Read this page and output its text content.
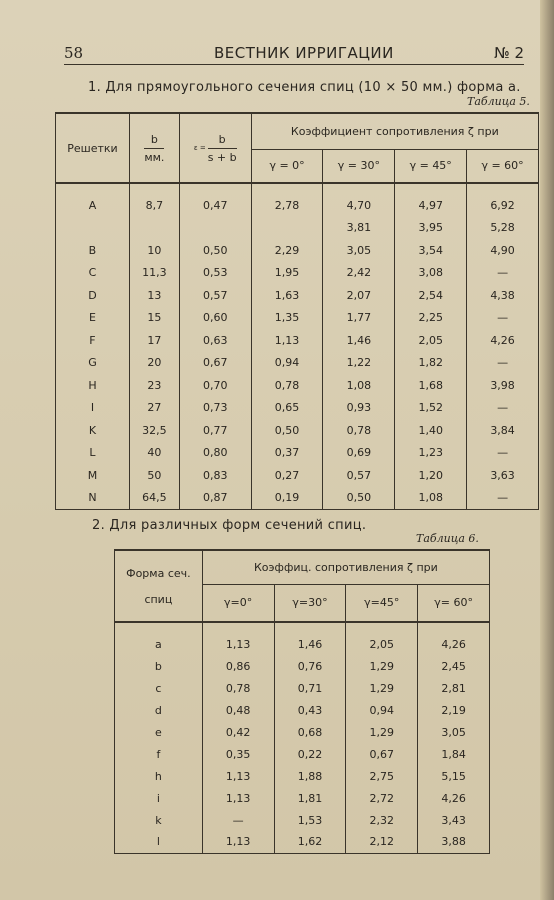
58	ВЕСТНИК ИРРИГАЦИИ	№ 2
1. Для прямоугольного сечения спиц (10 × 50 мм.) форма а.
Таблица 5.
Решетки	$\frac{b}{мм.}$	$\varepsilon = \frac{b}{s + b}$	Коэффициент сопротивления ζ при			
			γ = 0°	γ = 30°	γ = 45°	γ = 60°

A	8,7	0,47	2,78	4,70	4,97	6,92
				3,81	3,95	5,28
B	10	0,50	2,29	3,05	3,54	4,90
C	11,3	0,53	1,95	2,42	3,08	—
D	13	0,57	1,63	2,07	2,54	4,38
E	15	0,60	1,35	1,77	2,25	—
F	17	0,63	1,13	1,46	2,05	4,26
G	20	0,67	0,94	1,22	1,82	—
H	23	0,70	0,78	1,08	1,68	3,98
I	27	0,73	0,65	0,93	1,52	—
K	32,5	0,77	0,50	0,78	1,40	3,84
L	40	0,80	0,37	0,69	1,23	—
M	50	0,83	0,27	0,57	1,20	3,63
N	64,5	0,87	0,19	0,50	1,08	—
2. Для различных форм сечений спиц.
Таблица 6.
Форма сеч.

спиц	Коэффиц. сопротивления ζ при			
	γ=0°	γ=30°	γ=45°	γ= 60°

a	1,13	1,46	2,05	4,26
b	0,86	0,76	1,29	2,45
c	0,78	0,71	1,29	2,81
d	0,48	0,43	0,94	2,19
e	0,42	0,68	1,29	3,05
f	0,35	0,22	0,67	1,84
h	1,13	1,88	2,75	5,15
i	1,13	1,81	2,72	4,26
k	—	1,53	2,32	3,43
l	1,13	1,62	2,12	3,88
